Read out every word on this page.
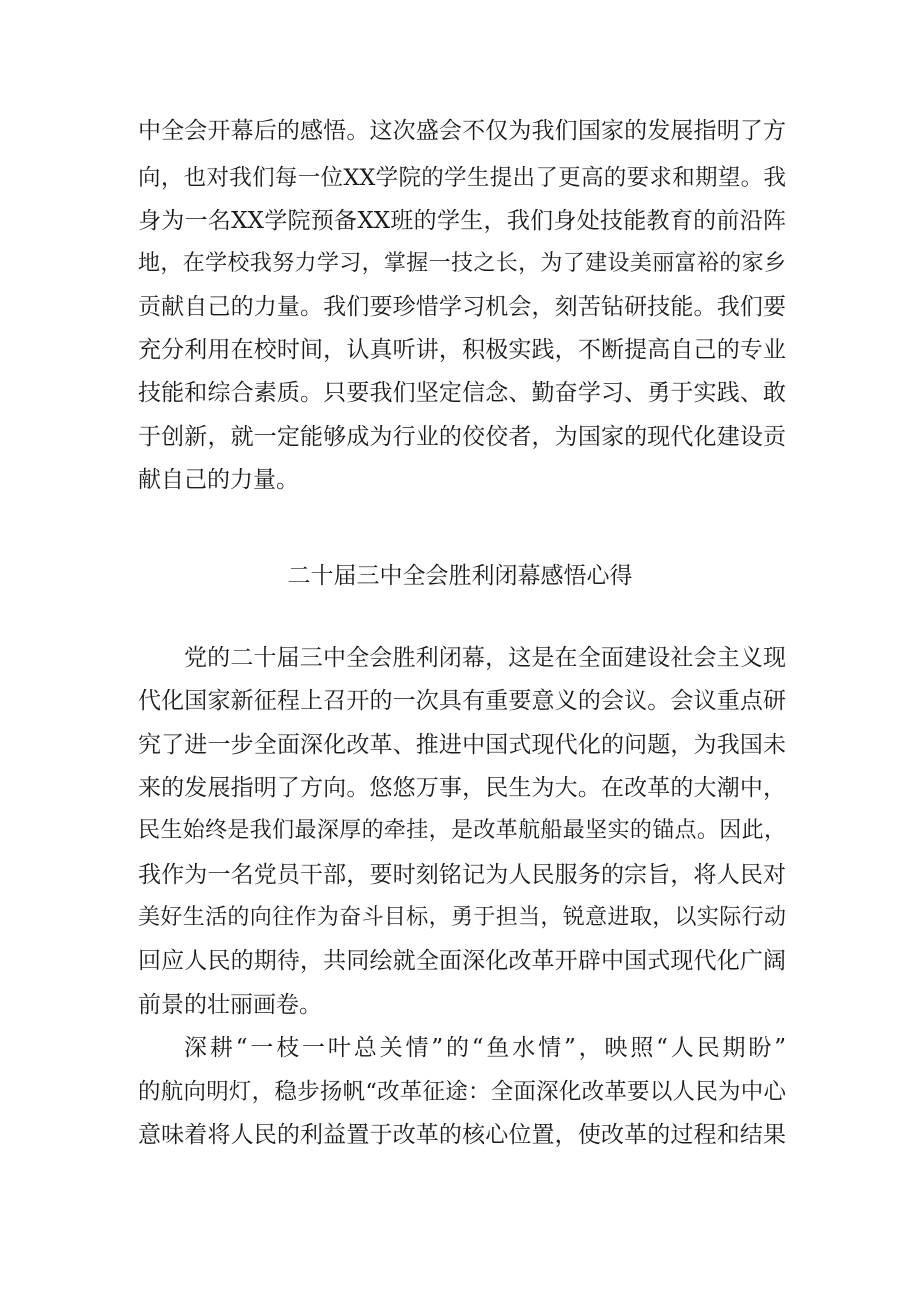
中全会开幕后的感悟。这次盛会不仅为我们国家的发展指明了方
向，也对我们每一位XX学院的学生提出了更高的要求和期望。我
身为一名XX学院预备XX班的学生，我们身处技能教育的前沿阵
地，在学校我努力学习，掌握一技之长，为了建设美丽富裕的家乡
贡献自己的力量。我们要珍惜学习机会，刻苦钻研技能。我们要
充分利用在校时间，认真听讲，积极实践，不断提高自己的专业
技能和综合素质。只要我们坚定信念、勤奋学习、勇于实践、敢
于创新，就一定能够成为行业的佼佼者，为国家的现代化建设贡
献自己的力量。
二十届三中全会胜利闭幕感悟心得
党的二十届三中全会胜利闭幕，这是在全面建设社会主义现
代化国家新征程上召开的一次具有重要意义的会议。会议重点研
究了进一步全面深化改革、推进中国式现代化的问题，为我国未
来的发展指明了方向。悠悠万事，民生为大。在改革的大潮中，
民生始终是我们最深厚的牵挂，是改革航船最坚实的锚点。因此，
我作为一名党员干部，要时刻铭记为人民服务的宗旨，将人民对
美好生活的向往作为奋斗目标，勇于担当，锐意进取，以实际行动
回应人民的期待，共同绘就全面深化改革开辟中国式现代化广阔
前景的壮丽画卷。
深耕“一枝一叶总关情”的“鱼水情”，映照“人民期盼”
的航向明灯，稳步扬帆“改革征途：全面深化改革要以人民为中心
意味着将人民的利益置于改革的核心位置，使改革的过程和结果
